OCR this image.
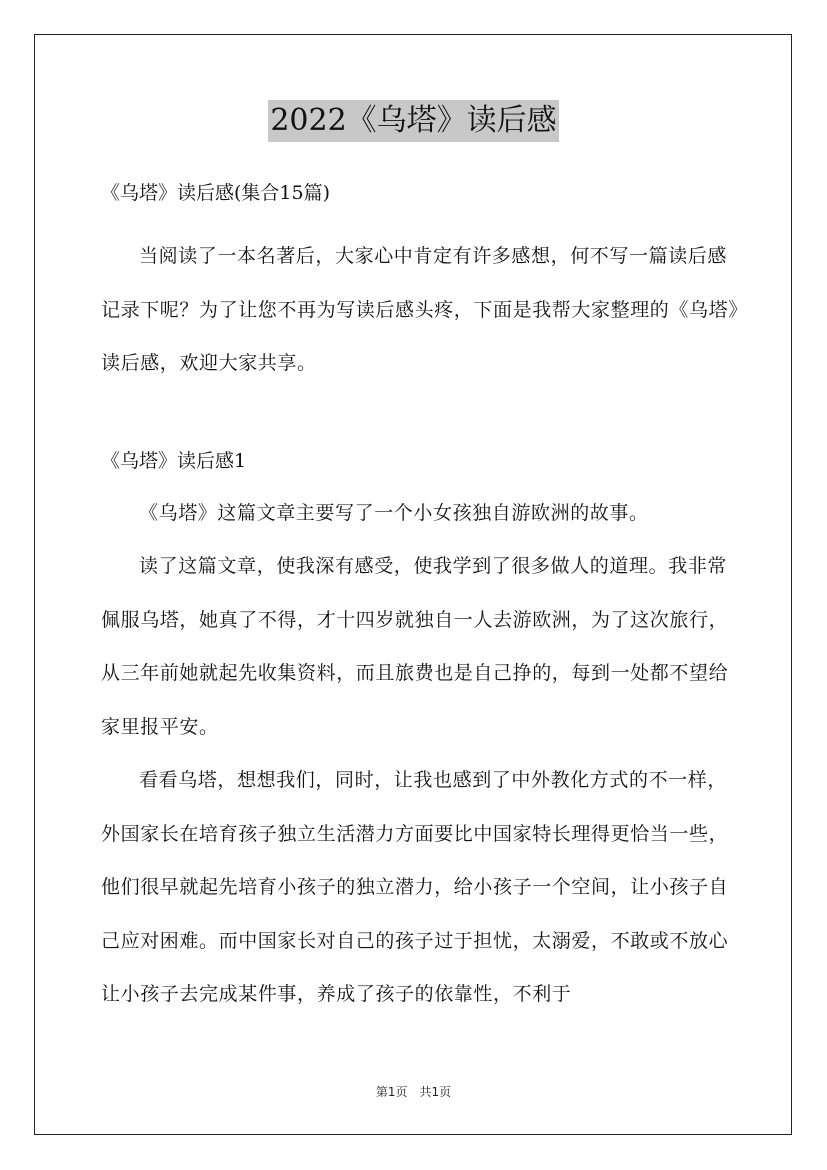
2022《乌塔》读后感

《乌塔》读后感(集合15篇)

当阅读了一本名著后，大家心中肯定有许多感想，何不写一篇读后感记录下呢？为了让您不再为写读后感头疼，下面是我帮大家整理的《乌塔》读后感，欢迎大家共享。

《乌塔》读后感1

《乌塔》这篇文章主要写了一个小女孩独自游欧洲的故事。

读了这篇文章，使我深有感受，使我学到了很多做人的道理。我非常佩服乌塔，她真了不得，才十四岁就独自一人去游欧洲，为了这次旅行，从三年前她就起先收集资料，而且旅费也是自己挣的，每到一处都不望给家里报平安。

看看乌塔，想想我们，同时，让我也感到了中外教化方式的不一样，外国家长在培育孩子独立生活潜力方面要比中国家特长理得更恰当一些，他们很早就起先培育小孩子的独立潜力，给小孩子一个空间，让小孩子自己应对困难。而中国家长对自己的孩子过于担忧，太溺爱，不敢或不放心让小孩子去完成某件事，养成了孩子的依靠性，不利于

第1页　共1页
